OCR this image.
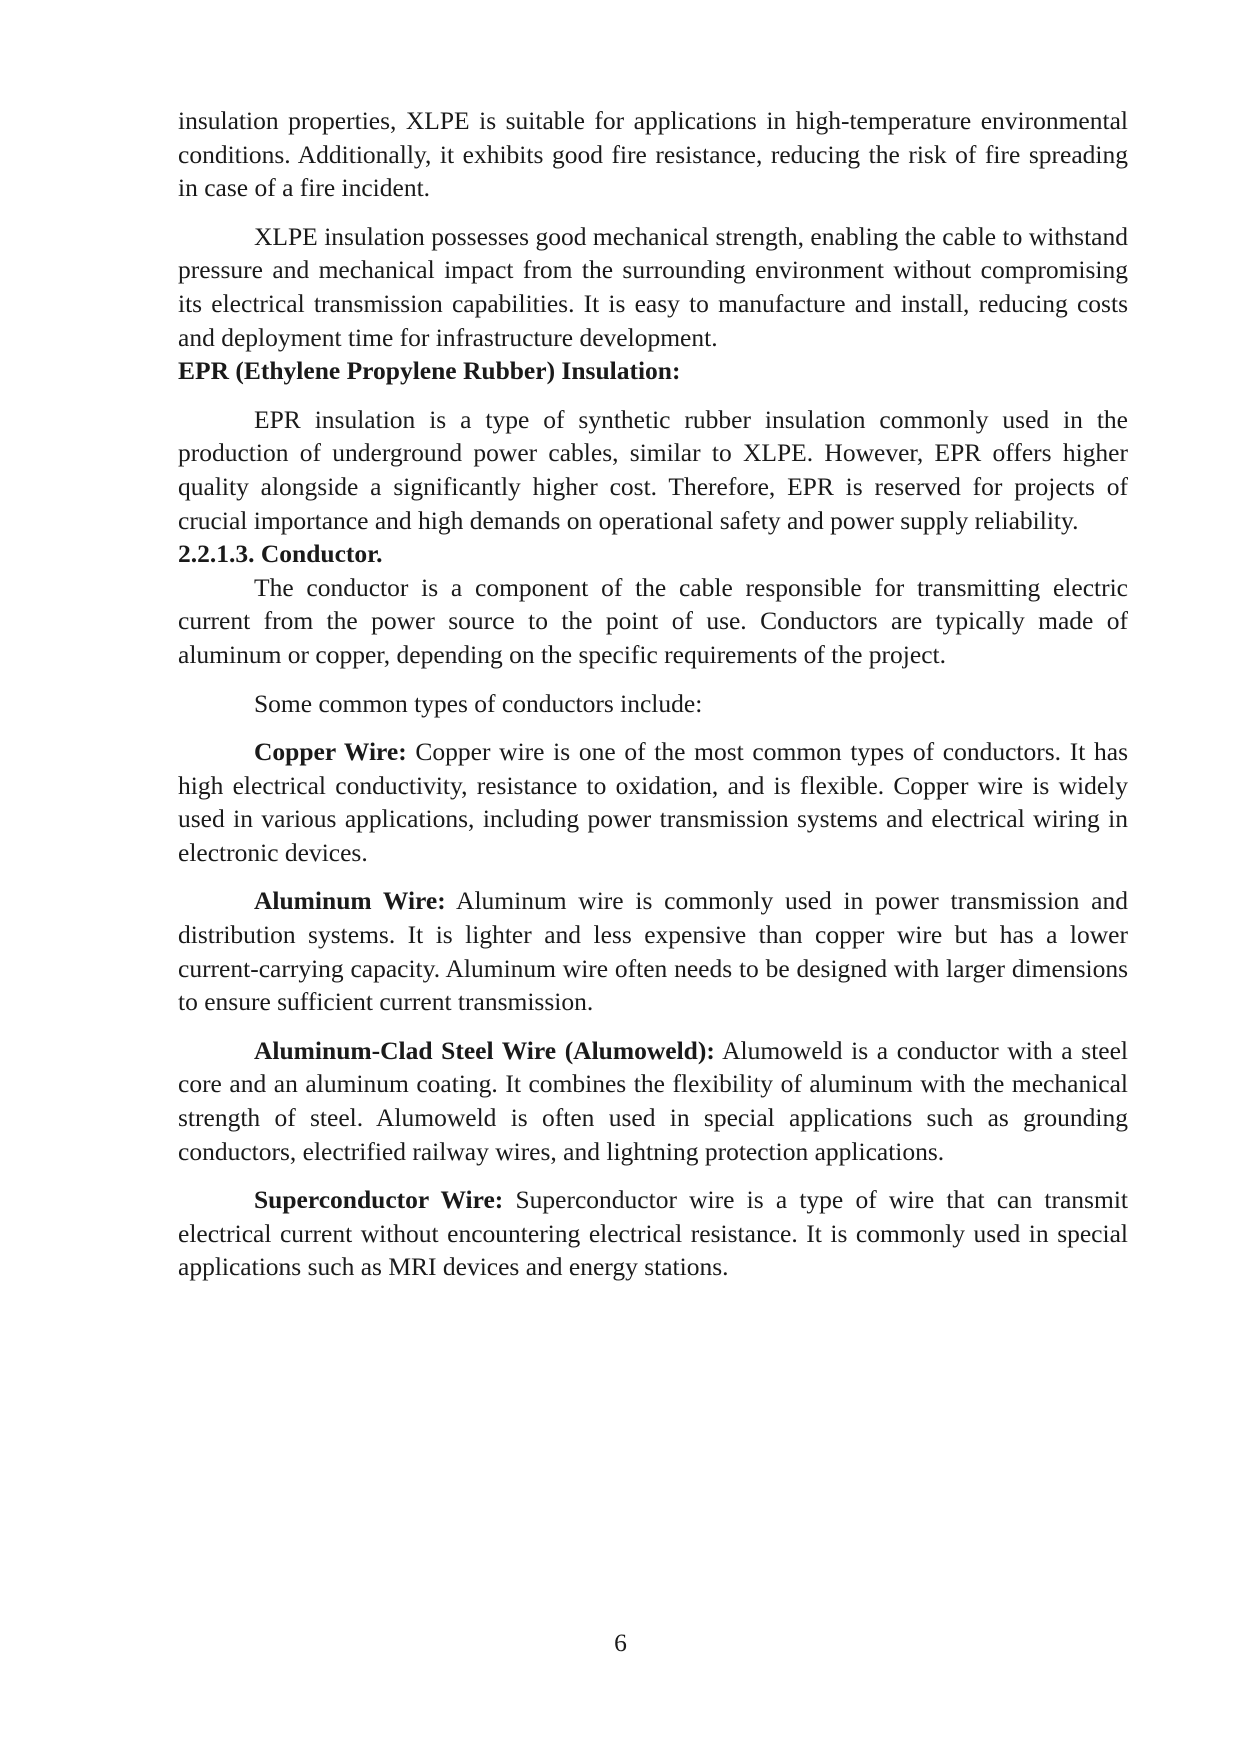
insulation properties, XLPE is suitable for applications in high-temperature environmental conditions. Additionally, it exhibits good fire resistance, reducing the risk of fire spreading in case of a fire incident.

XLPE insulation possesses good mechanical strength, enabling the cable to withstand pressure and mechanical impact from the surrounding environment without compromising its electrical transmission capabilities. It is easy to manufacture and install, reducing costs and deployment time for infrastructure development.

EPR (Ethylene Propylene Rubber) Insulation:

EPR insulation is a type of synthetic rubber insulation commonly used in the production of underground power cables, similar to XLPE. However, EPR offers higher quality alongside a significantly higher cost. Therefore, EPR is reserved for projects of crucial importance and high demands on operational safety and power supply reliability.

2.2.1.3. Conductor.

The conductor is a component of the cable responsible for transmitting electric current from the power source to the point of use. Conductors are typically made of aluminum or copper, depending on the specific requirements of the project.

Some common types of conductors include:

Copper Wire: Copper wire is one of the most common types of conductors. It has high electrical conductivity, resistance to oxidation, and is flexible. Copper wire is widely used in various applications, including power transmission systems and electrical wiring in electronic devices.

Aluminum Wire: Aluminum wire is commonly used in power transmission and distribution systems. It is lighter and less expensive than copper wire but has a lower current-carrying capacity. Aluminum wire often needs to be designed with larger dimensions to ensure sufficient current transmission.

Aluminum-Clad Steel Wire (Alumoweld): Alumoweld is a conductor with a steel core and an aluminum coating. It combines the flexibility of aluminum with the mechanical strength of steel. Alumoweld is often used in special applications such as grounding conductors, electrified railway wires, and lightning protection applications.

Superconductor Wire: Superconductor wire is a type of wire that can transmit electrical current without encountering electrical resistance. It is commonly used in special applications such as MRI devices and energy stations.

6
